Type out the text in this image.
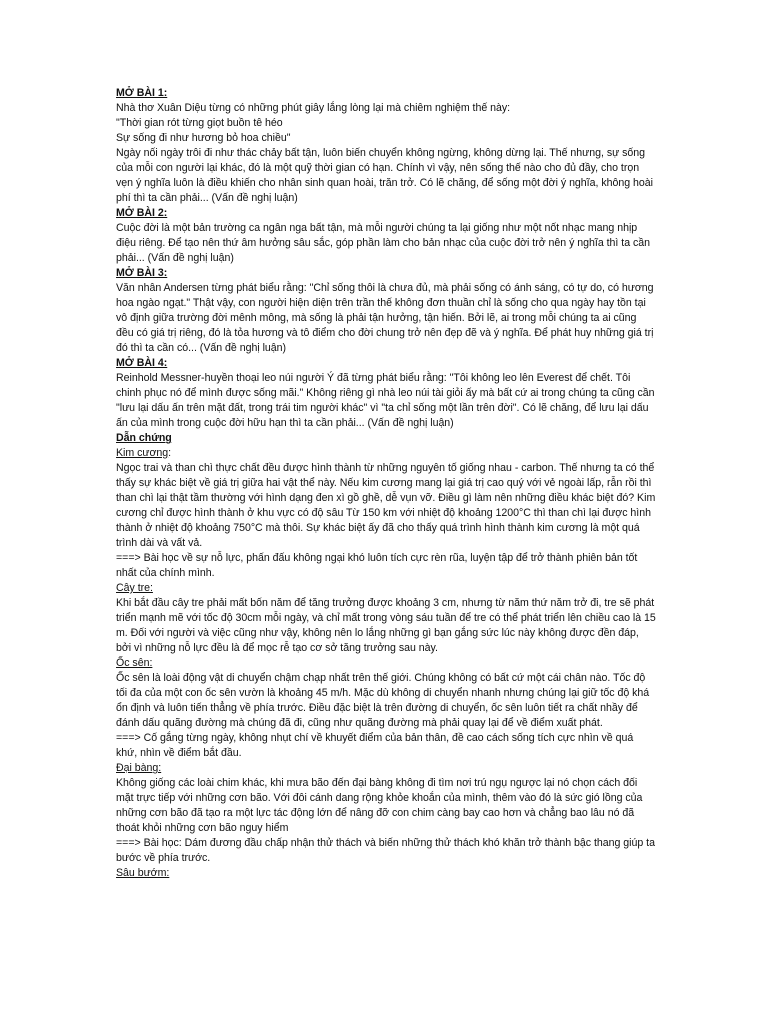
MỞ BÀI 1:
Nhà thơ Xuân Diệu từng có những phút giây lắng lòng lại mà chiêm nghiệm thế này:
"Thời gian rót từng giọt buồn tê héo
Sự sống đi như hương bỏ hoa chiều"

Ngày nối ngày trôi đi như thác chảy bất tận, luôn biến chuyển không ngừng, không dừng lại. Thế nhưng, sự sống của mỗi con người lại khác, đó là một quỹ thời gian có hạn. Chính vì vậy, nên sống thế nào cho đủ đầy, cho trọn vẹn ý nghĩa luôn là điều khiến cho nhân sinh quan hoài, trăn trở. Có lẽ chăng, để sống một đời ý nghĩa, không hoài phí thì ta cần phải... (Vấn đề nghị luận)

MỞ BÀI 2:

Cuộc đời là một bản trường ca ngân nga bất tận, mà mỗi người chúng ta lại giống như một nốt nhạc mang nhịp điệu riêng. Để tạo nên thứ âm hưởng sâu sắc, góp phần làm cho bản nhạc của cuộc đời trở nên ý nghĩa thì ta cần phải... (Vấn đề nghị luận)

MỞ BÀI 3:

Văn nhân Andersen từng phát biểu rằng: "Chỉ sống thôi là chưa đủ, mà phải sống có ánh sáng, có tự do, có hương hoa ngào ngạt." Thật vậy, con người hiện diện trên trần thế không đơn thuần chỉ là sống cho qua ngày hay tồn tại vô định giữa trường đời mênh mông, mà sống là phải tận hưởng, tận hiến. Bởi lẽ, ai trong mỗi chúng ta ai cũng đều có giá trị riêng, đó là tỏa hương và tô điểm cho đời chung trở nên đẹp đẽ và ý nghĩa. Để phát huy những giá trị đó thì ta cần có... (Vấn đề nghị luận)

MỞ BÀI 4:

Reinhold Messner-huyền thoại leo núi người Ý đã từng phát biểu rằng: "Tôi không leo lên Everest để chết. Tôi chinh phục nó để mình được sống mãi." Không riêng gì nhà leo núi tài giỏi ấy mà bất cứ ai trong chúng ta cũng cần "lưu lại dấu ấn trên mặt đất, trong trái tim người khác" vì "ta chỉ sống một lần trên đời". Có lẽ chăng, để lưu lại dấu ấn của mình trong cuộc đời hữu hạn thì ta cần phải... (Vấn đề nghị luận)

Dẫn chứng
Kim cương:

Ngọc trai và than chì thực chất đều được hình thành từ những nguyên tố giống nhau - carbon. Thế nhưng ta có thể thấy sự khác biệt về giá trị giữa hai vật thể này. Nếu kim cương mang lại giá trị cao quý với vẻ ngoài lấp, rẫn rồi thì than chì lại thật tầm thường với hình dạng đen xì gồ ghề, dễ vụn vỡ. Điều gì làm nên những điều khác biệt đó? Kim cương chỉ được hình thành ở khu vực có độ sâu Từ 150 km với nhiệt độ khoảng 1200°C thì than chì lại được hình thành ở nhiệt độ khoảng 750°C mà thôi. Sự khác biệt ấy đã cho thấy quá trình hình thành kim cương là một quá trình dài và vất vả.

===> Bài học về sự nỗ lực, phấn đấu không ngại khó luôn tích cực rèn rũa, luyện tập để trở thành phiên bản tốt nhất của chính mình.

Cây tre:

Khi bắt đầu cây tre phải mất bốn năm để tăng trưởng được khoảng 3 cm, nhưng từ năm thứ năm trở đi, tre sẽ phát triển mạnh mẽ với tốc độ 30cm mỗi ngày, và chỉ mất trong vòng sáu tuần để tre có thể phát triển lên chiều cao là 15 m. Đối với người và việc cũng như vậy, không nên lo lắng những gì bạn gắng sức lúc này không được đền đáp, bởi vì những nỗ lực đều là để mọc rễ tạo cơ sở tăng trưởng sau này.

Ốc sên:

Ốc sên là loài động vật di chuyển chậm chạp nhất trên thế giới. Chúng không có bất cứ một cái chân nào. Tốc độ tối đa của một con ốc sên vườn là khoảng 45 m/h. Mặc dù không di chuyển nhanh nhưng chúng lại giữ tốc độ khá ổn định và luôn tiến thẳng về phía trước. Điều đặc biệt là trên đường di chuyển, ốc sên luôn tiết ra chất nhầy để đánh dấu quãng đường mà chúng đã đi, cũng như quãng đường mà phải quay lại để về điểm xuất phát.

===> Cố gắng từng ngày, không nhụt chí về khuyết điểm của bản thân, đề cao cách sống tích cực nhìn về quá khứ, nhìn về điểm bắt đầu.

Đại bàng:

Không giống các loài chim khác, khi mưa bão đến đại bàng không đi tìm nơi trú ngụ ngược lại nó chọn cách đối mặt trực tiếp với những cơn bão. Với đôi cánh dang rộng khỏe khoắn của mình, thêm vào đó là sức gió lồng của những cơn bão đã tạo ra một lực tác động lớn để nâng đỡ con chim càng bay cao hơn và chẳng bao lâu nó đã thoát khỏi những cơn bão nguy hiểm

===> Bài học: Dám đương đầu chấp nhận thử thách và biến những thử thách khó khăn trở thành bậc thang giúp ta bước về phía trước.

Sâu bướm:
